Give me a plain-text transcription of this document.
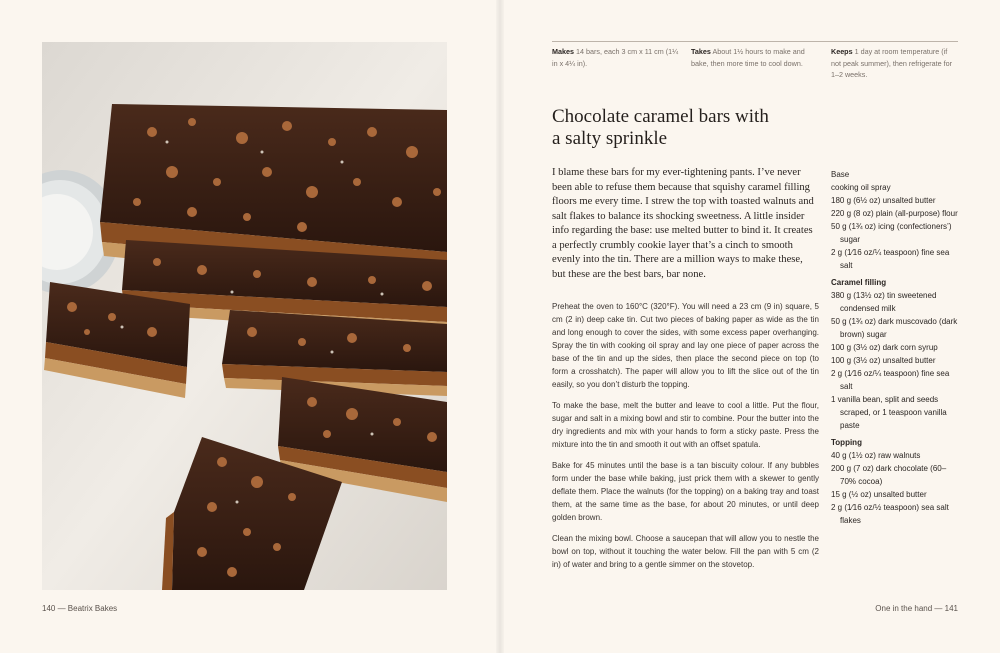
140 — Beatrix Bakes
Makes 14 bars, each 3 cm x 11 cm (1¼ in x 4¼ in).
Takes About 1½ hours to make and bake, then more time to cool down.
Keeps 1 day at room temperature (if not peak summer), then refrigerate for 1–2 weeks.
Chocolate caramel bars with
a salty sprinkle

I blame these bars for my ever-tightening pants. I’ve never been able to refuse them because that squishy caramel filling floors me every time. I strew the top with toasted walnuts and salt flakes to balance its shocking sweetness. A little insider info regarding the base: use melted butter to bind it. It creates a perfectly crumbly cookie layer that’s a cinch to smooth evenly into the tin. There are a million ways to make these, but these are the best bars, bar none.

Preheat the oven to 160°C (320°F). You will need a 23 cm (9 in) square, 5 cm (2 in) deep cake tin. Cut two pieces of baking paper as wide as the tin and long enough to cover the sides, with some excess paper overhanging. Spray the tin with cooking oil spray and lay one piece of paper across the base of the tin and up the sides, then place the second piece on top (to form a crosshatch). The paper will allow you to lift the slice out of the tin easily, so you don’t disturb the topping.

To make the base, melt the butter and leave to cool a little. Put the flour, sugar and salt in a mixing bowl and stir to combine. Pour the butter into the dry ingredients and mix with your hands to form a sticky paste. Press the mixture into the tin and smooth it out with an offset spatula.

Bake for 45 minutes until the base is a tan biscuity colour. If any bubbles form under the base while baking, just prick them with a skewer to gently deflate them. Place the walnuts (for the topping) on a baking tray and toast them, at the same time as the base, for about 20 minutes, or until deep golden brown.

Clean the mixing bowl. Choose a saucepan that will allow you to nestle the bowl on top, without it touching the water below. Fill the pan with 5 cm (2 in) of water and bring to a gentle simmer on the stovetop.

Base
cooking oil spray
180 g (6½ oz) unsalted butter
220 g (8 oz) plain (all-purpose) flour
50 g (1¾ oz) icing (confectioners’) sugar
2 g (1⁄16 oz/¼ teaspoon) fine sea salt
Caramel filling
380 g (13½ oz) tin sweetened condensed milk
50 g (1¾ oz) dark muscovado (dark brown) sugar
100 g (3½ oz) dark corn syrup
100 g (3½ oz) unsalted butter
2 g (1⁄16 oz/¼ teaspoon) fine sea salt
1 vanilla bean, split and seeds scraped, or 1 teaspoon vanilla paste
Topping
40 g (1½ oz) raw walnuts
200 g (7 oz) dark chocolate (60–70% cocoa)
15 g (½ oz) unsalted butter
2 g (1⁄16 oz/½ teaspoon) sea salt flakes
One in the hand — 141
